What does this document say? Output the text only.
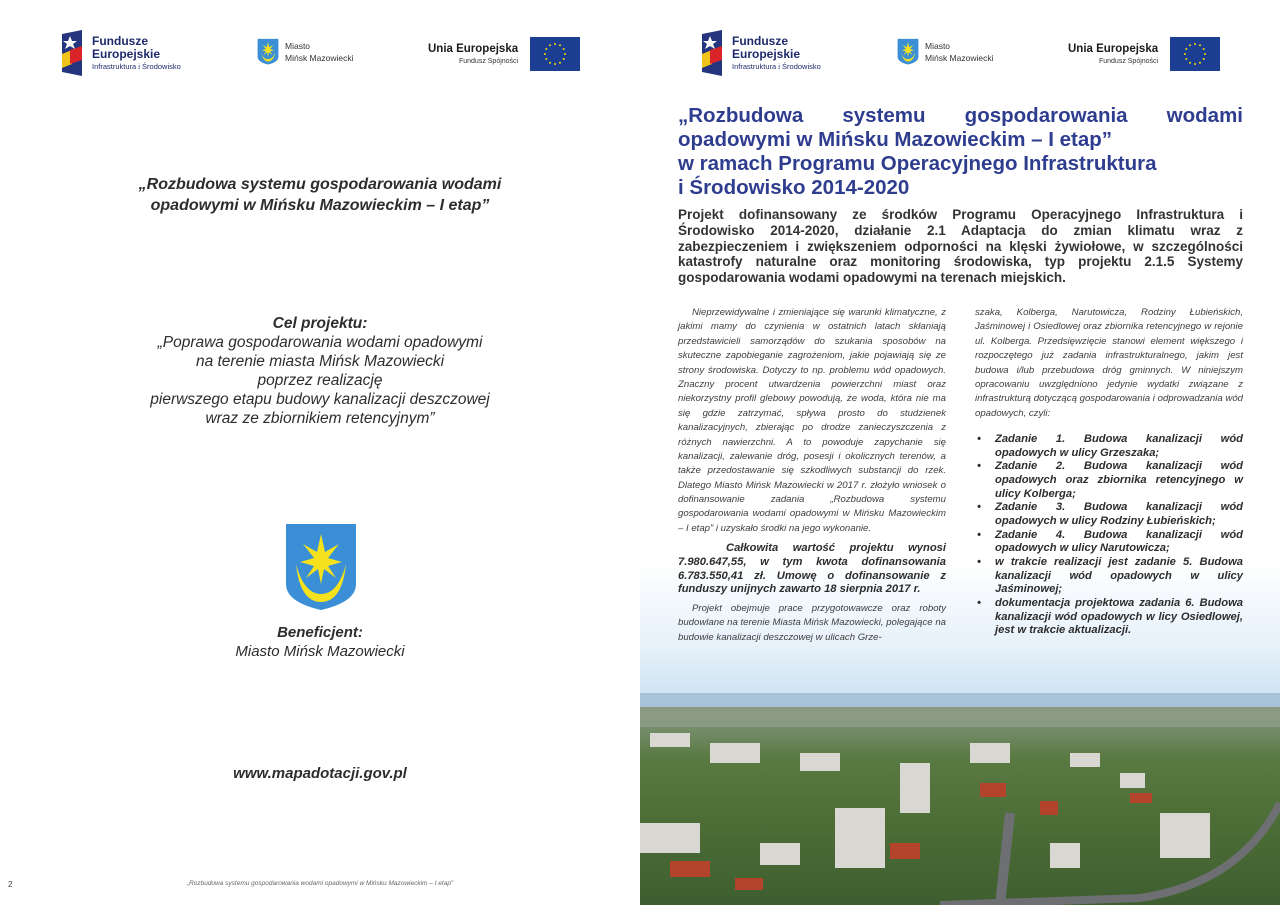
Fundusze
Europejskie
Infrastruktura i Środowisko
Miasto
Mińsk Mazowiecki
Unia Europejska
Fundusz Spójności
„Rozbudowa systemu gospodarowania wodami
opadowymi w Mińsku Mazowieckim – I etap”
Cel projektu:
„Poprawa gospodarowania wodami opadowymi
na terenie miasta Mińsk Mazowiecki
poprzez realizację
pierwszego etapu budowy kanalizacji deszczowej
wraz ze zbiornikiem retencyjnym”
Beneficjent:
Miasto Mińsk Mazowiecki
www.mapadotacji.gov.pl
2	„Rozbudowa systemu gospodarowania wodami opadowymi w Mińsku Mazowieckim – I etap”
Fundusze
Europejskie
Infrastruktura i Środowisko
Miasto
Mińsk Mazowiecki
Unia Europejska
Fundusz Spójności
„Rozbudowa systemu gospodarowania wodami
opadowymi w Mińsku Mazowieckim – I etap”
w ramach Programu Operacyjnego Infrastruktura
i Środowisko 2014-2020
Projekt dofinansowany ze środków Programu Operacyjnego Infrastruktura i Środowisko 2014-2020, działanie 2.1 Adaptacja do zmian klimatu wraz z zabezpieczeniem i zwiększeniem odporności na klęski żywiołowe, w szczególności katastrofy naturalne oraz monitoring środowiska, typ projektu 2.1.5 Systemy gospodarowania wodami opadowymi na terenach miejskich.

Nieprzewidywalne i zmieniające się warunki klimatyczne, z jakimi mamy do czynienia w ostatnich latach skłaniają przedstawicieli samorządów do szukania sposobów na skuteczne zapobieganie zagrożeniom, jakie pojawiają się ze strony środowiska. Dotyczy to np. problemu wód opadowych. Znaczny procent utwardzenia powierzchni miast oraz niekorzystny profil glebowy powodują, że woda, która nie ma się gdzie zatrzymać, spływa prosto do studzienek kanalizacyjnych, zbierając po drodze zanieczyszczenia z różnych nawierzchni. A to powoduje zapychanie się kanalizacji, zalewanie dróg, posesji i okolicznych terenów, a także przedostawanie się szkodliwych substancji do rzek. Dlatego Miasto Mińsk Mazowiecki w 2017 r. złożyło wniosek o dofinansowanie zadania „Rozbudowa systemu gospodarowania wodami opadowymi w Mińsku Mazowieckim – I etap” i uzyskało środki na jego wykonanie.

Całkowita wartość projektu wynosi 7.980.647,55, w tym kwota dofinansowania 6.783.550,41 zł. Umowę o dofinansowanie z funduszy unijnych zawarto 18 sierpnia 2017 r.

Projekt obejmuje prace przygotowawcze oraz roboty budowlane na terenie Miasta Mińsk Mazowiecki, polegające na budowie kanalizacji deszczowej w ulicach Grze-

szaka, Kolberga, Narutowicza, Rodziny Łubieńskich, Jaśminowej i Osiedlowej oraz zbiornika retencyjnego w rejonie ul. Kolberga. Przedsięwzięcie stanowi element większego i rozpoczętego już zadania infrastrukturalnego, jakim jest budowa i/lub przebudowa dróg gminnych. W niniejszym opracowaniu uwzględniono jedynie wydatki związane z infrastrukturą dotyczącą gospodarowania i odprowadzania wód opadowych, czyli:

• Zadanie 1. Budowa kanalizacji wód opadowych w ulicy Grzeszaka;
• Zadanie 2. Budowa kanalizacji wód opadowych oraz zbiornika retencyjnego w ulicy Kolberga;
• Zadanie 3. Budowa kanalizacji wód opadowych w ulicy Rodziny Łubieńskich;
• Zadanie 4. Budowa kanalizacji wód opadowych w ulicy Narutowicza;
• w trakcie realizacji jest zadanie 5. Budowa kanalizacji wód opadowych w ulicy Jaśminowej;
• dokumentacja projektowa zadania 6. Budowa kanalizacji wód opadowych w licy Osiedlowej, jest w trakcie aktualizacji.
